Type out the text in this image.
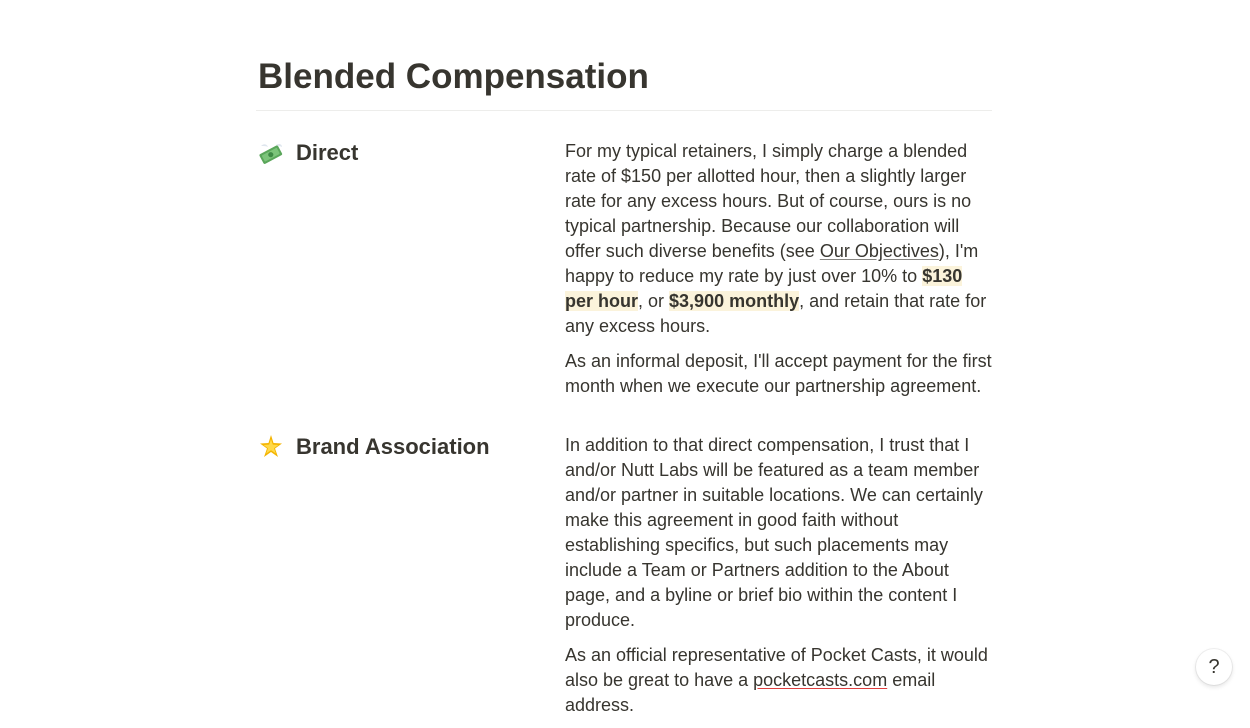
Blended Compensation
Direct	For my typical retainers, I simply charge a blended rate of $150 per allotted hour, then a slightly larger rate for any excess hours. But of course, ours is no typical partnership. Because our collaboration will offer such diverse benefits (see Our Objectives), I'm happy to reduce my rate by just over 10% to $130 per hour, or $3,900 monthly, and retain that rate for any excess hours.

As an informal deposit, I'll accept payment for the first month when we execute our partnership agreement.

Brand Association	In addition to that direct compensation, I trust that I and/or Nutt Labs will be featured as a team member and/or partner in suitable locations. We can certainly make this agreement in good faith without establishing specifics, but such placements may include a Team or Partners addition to the About page, and a byline or brief bio within the content I produce.

As an official representative of Pocket Casts, it would also be great to have a pocketcasts.com email address.

?
